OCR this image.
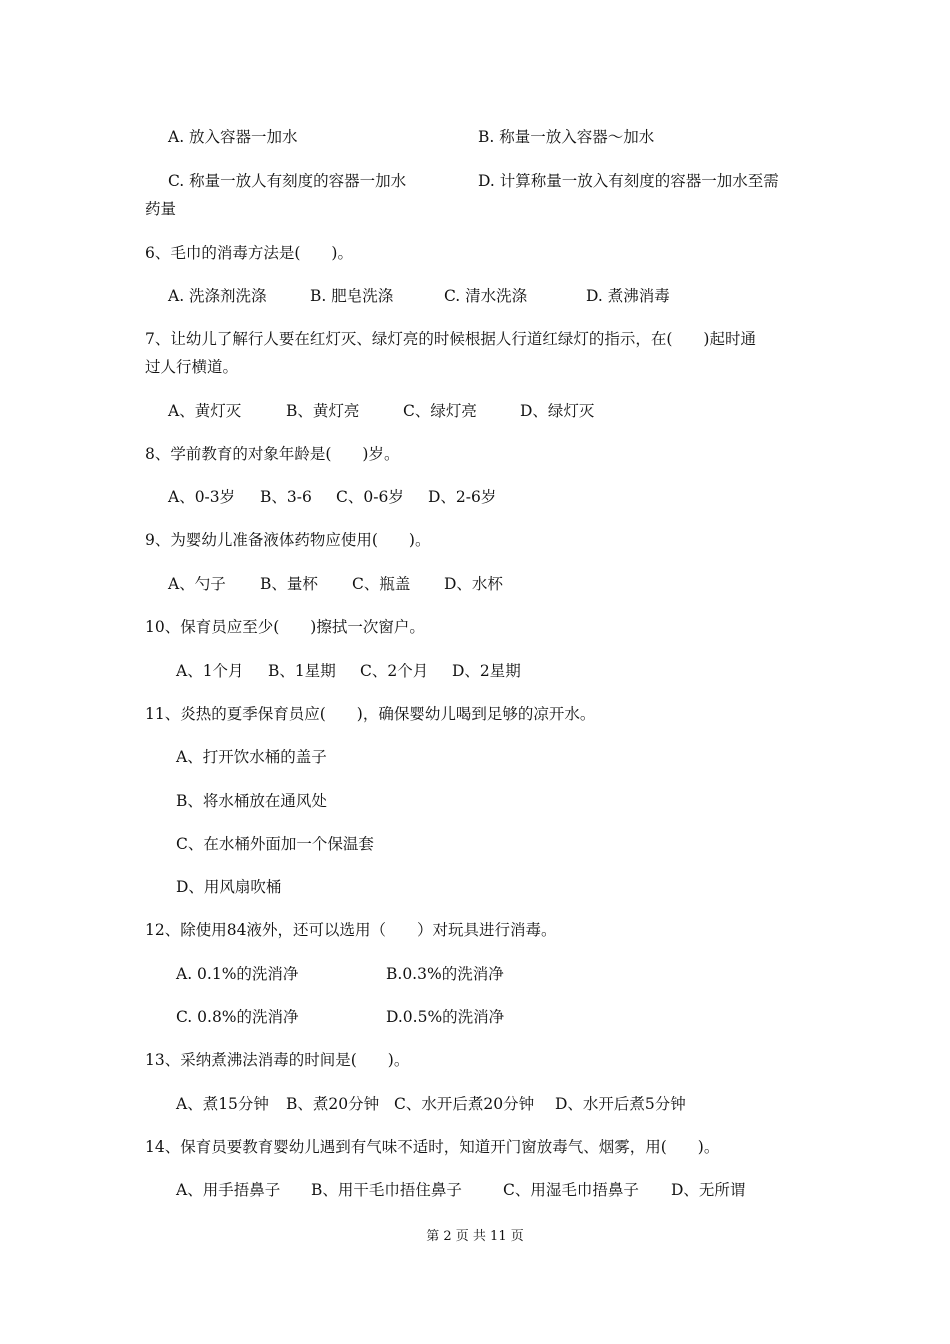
A. 放入容器一加水	B. 称量一放入容器～加水
C. 称量一放人有刻度的容器一加水	D. 计算称量一放入有刻度的容器一加水至需
药量
6、毛巾的消毒方法是(　　)。
A. 洗涤剂洗涤	B. 肥皂洗涤	C. 清水洗涤	D. 煮沸消毒
7、让幼儿了解行人要在红灯灭、绿灯亮的时候根据人行道红绿灯的指示，在(　　)起时通
过人行横道。
A、黄灯灭	B、黄灯亮	C、绿灯亮	D、绿灯灭
8、学前教育的对象年龄是(　　)岁。
A、0-3岁 B、3-6 C、0-6岁 D、2-6岁
9、为婴幼儿准备液体药物应使用(　　)。
A、勺子 B、量杯 C、瓶盖 D、水杯
10、保育员应至少(　　)擦拭一次窗户。
A、1个月 B、1星期 C、2个月 D、2星期
11、炎热的夏季保育员应(　　)，确保婴幼儿喝到足够的凉开水。
A、打开饮水桶的盖子
B、将水桶放在通风处
C、在水桶外面加一个保温套
D、用风扇吹桶
12、除使用84液外，还可以选用（　　）对玩具进行消毒。
A. 0.1%的洗消净	B.0.3%的洗消净
C. 0.8%的洗消净	D.0.5%的洗消净
13、采纳煮沸法消毒的时间是(　　)。
A、煮15分钟 B、煮20分钟 C、水开后煮20分钟 D、水开后煮5分钟
14、保育员要教育婴幼儿遇到有气味不适时，知道开门窗放毒气、烟雾，用(　　)。
A、用手捂鼻子 B、用干毛巾捂住鼻子	C、用湿毛巾捂鼻子 D、无所谓
第 2 页 共 11 页
